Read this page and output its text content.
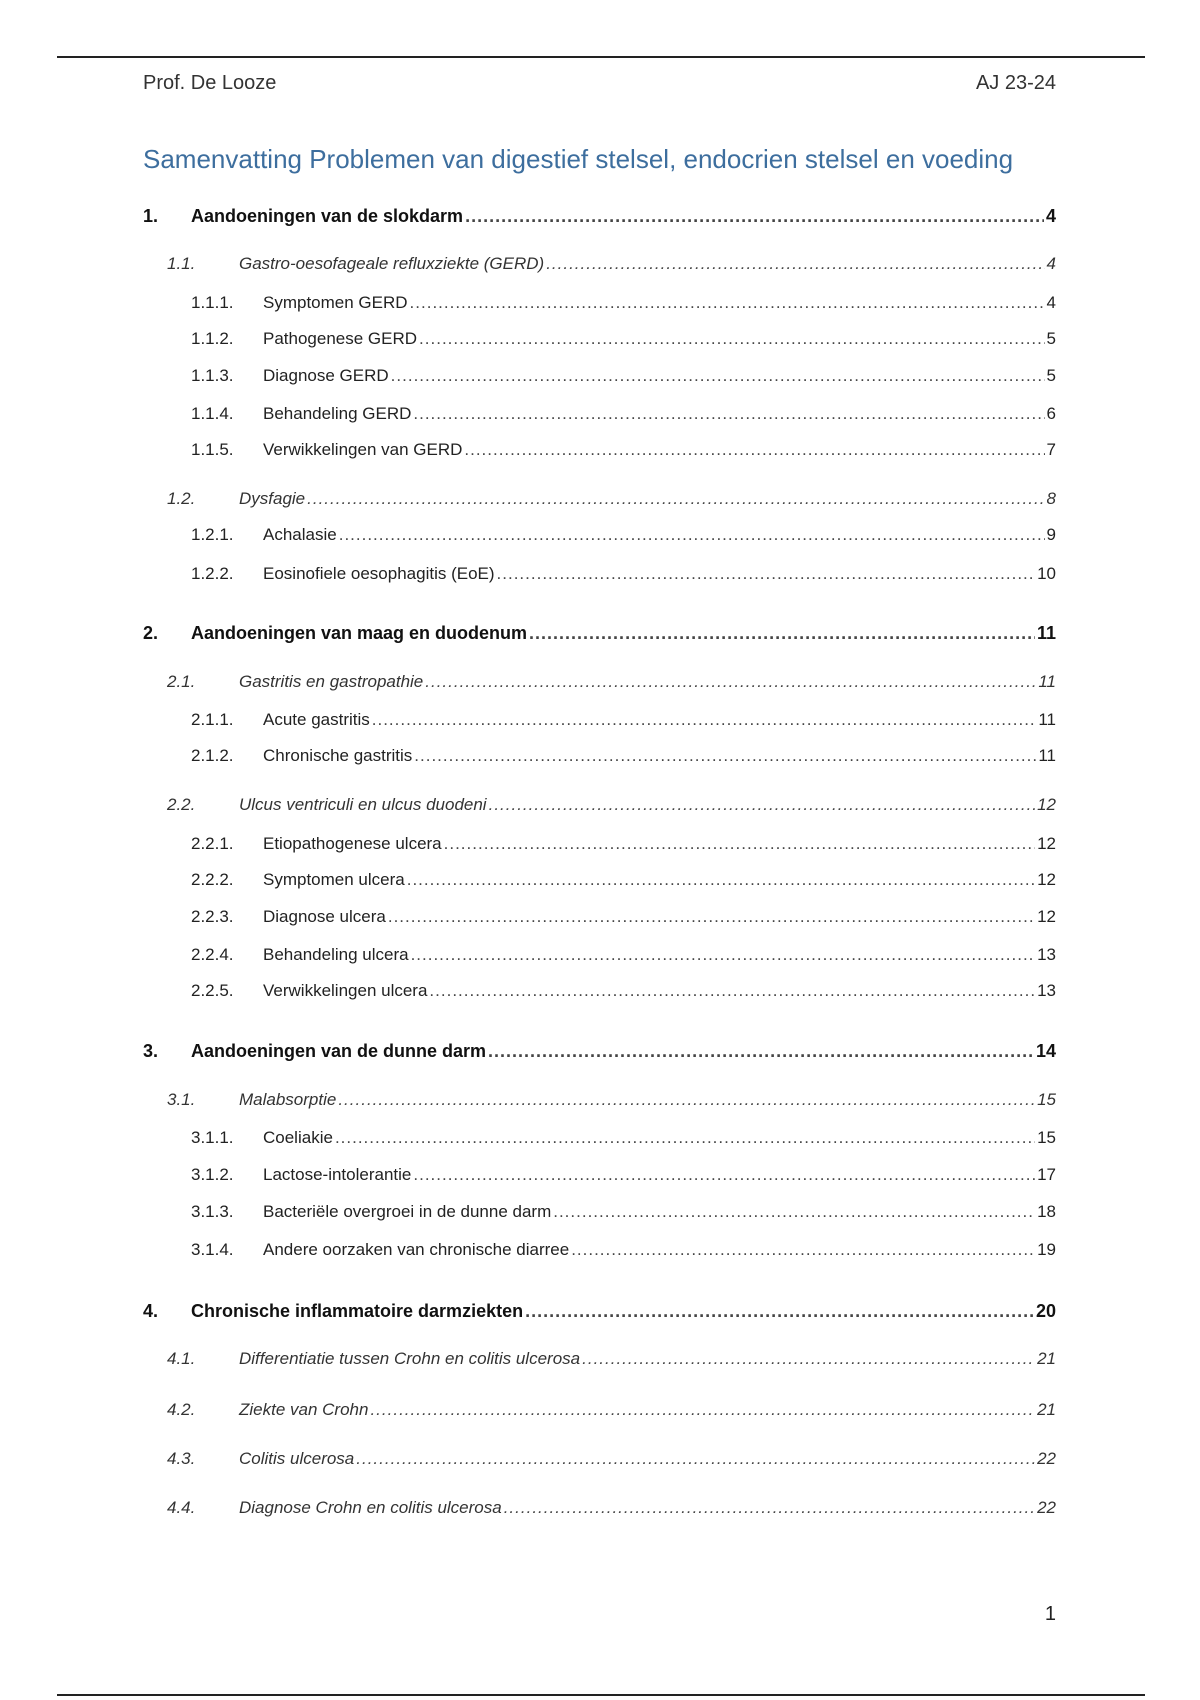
Prof. De Looze	AJ 23-24
Samenvatting Problemen van digestief stelsel, endocrien stelsel en voeding
1.	Aandoeningen van de slokdarm .....	4
1.1.	Gastro-oesofageale refluxziekte (GERD) .....	4
1.1.1.	Symptomen GERD .....	4
1.1.2.	Pathogenese GERD .....	5
1.1.3.	Diagnose GERD .....	5
1.1.4.	Behandeling GERD .....	6
1.1.5.	Verwikkelingen van GERD .....	7
1.2.	Dysfagie .....	8
1.2.1.	Achalasie .....	9
1.2.2.	Eosinofiele oesophagitis (EoE) .....	10
2.	Aandoeningen van maag en duodenum .....	11
2.1.	Gastritis en gastropathie .....	11
2.1.1.	Acute gastritis .....	11
2.1.2.	Chronische gastritis .....	11
2.2.	Ulcus ventriculi en ulcus duodeni .....	12
2.2.1.	Etiopathogenese ulcera .....	12
2.2.2.	Symptomen ulcera .....	12
2.2.3.	Diagnose ulcera .....	12
2.2.4.	Behandeling ulcera .....	13
2.2.5.	Verwikkelingen ulcera .....	13
3.	Aandoeningen van de dunne darm .....	14
3.1.	Malabsorptie .....	15
3.1.1.	Coeliakie .....	15
3.1.2.	Lactose-intolerantie .....	17
3.1.3.	Bacteriële overgroei in de dunne darm .....	18
3.1.4.	Andere oorzaken van chronische diarree .....	19
4.	Chronische inflammatoire darmziekten .....	20
4.1.	Differentiatie tussen Crohn en colitis ulcerosa .....	21
4.2.	Ziekte van Crohn .....	21
4.3.	Colitis ulcerosa .....	22
4.4.	Diagnose Crohn en colitis ulcerosa .....	22
1
